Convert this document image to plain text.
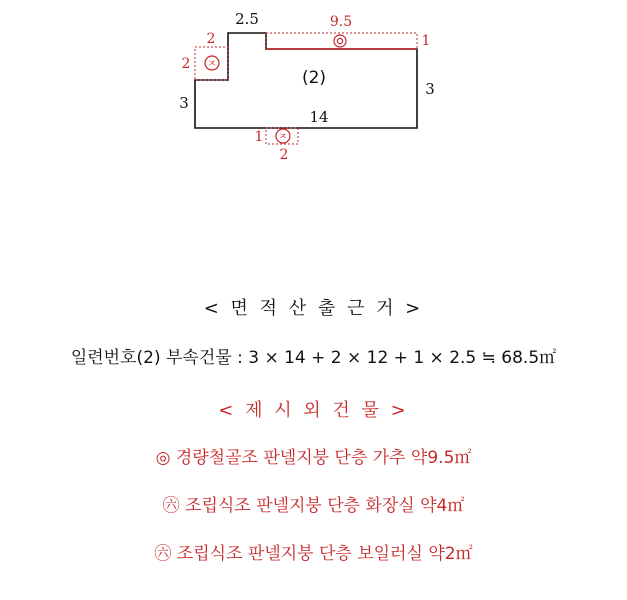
ㅈ
ㅈ
2.5	9.5
1
2
2
3
3
(2)
14
1
2
< 면 적 산 출 근 거 >
일련번호(2) 부속건물 : 3 × 14 + 2 × 12 + 1 × 2.5 ≒ 68.5㎡
< 제 시 외 건 물 >
◎ 경량철골조 판넬지붕 단층 가추 약9.5㎡
㊅ 조립식조 판넬지붕 단층 화장실 약4㎡
㊅ 조립식조 판넬지붕 단층 보일러실 약2㎡
